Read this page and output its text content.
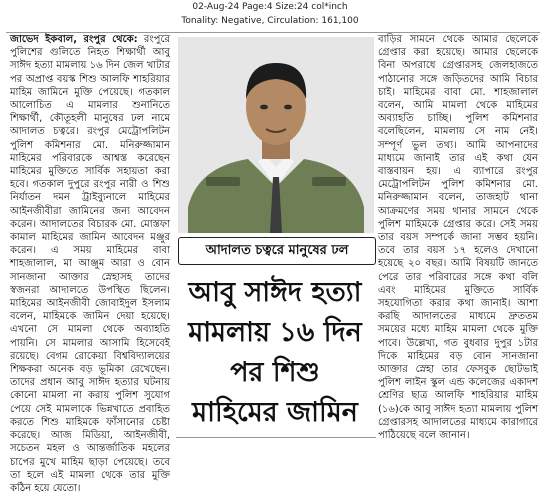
02-Aug-24 Page:4 Size:24 col*inch
Tonality: Negative, Circulation: 161,100

জাভেদ ইকবাল, রংপুর থেকে: রংপুরে পুলিশের গুলিতে নিহত শিক্ষার্থী আবু সাঈদ হত্যা মামলায় ১৬ দিন জেল খাটার পর অপ্রাপ্ত বয়স্ক শিশু আলফি শাহরিয়ার মাহিম জামিনে মুক্তি পেয়েছে। গতকাল আলোচিত এ মামলার শুনানিতে শিক্ষার্থী, কৌতূহলী মানুষের ঢল নামে আদালত চত্বরে। রংপুর মেট্রোপলিটন পুলিশ কমিশনার মো. মনিরুজ্জামান মাহিমের পরিবারকে আশ্বস্ত করেছেন মাহিমের মুক্তিতে সার্বিক সহায়তা করা হবে। গতকাল দুপুরে রংপুর নারী ও শিশু নির্যাতন দমন ট্রাইব্যুনালে মাহিমের আইনজীবীরা জামিনের জন্য আবেদন করেন। আদালতের বিচারক মো. মোস্তফা কামাল মাহিমের জামিন আবেদন মঞ্জুর করেন। এ সময় মাহিমের বাবা শাহজালাল, মা আঞ্জুম আরা ও বোন সানজানা আক্তার স্নেহাসহ তাদের স্বজনরা আদালতে উপস্থিত ছিলেন। মাহিমের আইনজীবী জোবাইদুল ইসলাম বলেন, মাহিমকে জামিন দেয়া হয়েছে। এখনো সে মামলা থেকে অব্যাহতি পায়নি। সে মামলার আসামি হিসেবেই রয়েছে। বেগম রোকেয়া বিশ্ববিদ্যালয়ের শিক্ষকরা অনেক বড় ভূমিকা রেখেছেন। তাদের প্রধান আবু সাঈদ হত্যার ঘটনায় কোনো মামলা না করায় পুলিশ সুযোগ পেয়ে সেই মামলাকে ভিন্নখাতে প্রবাহিত করতে শিশু মাহিমকে ফাঁসানোর চেষ্টা করেছে। আজ মিডিয়া, আইনজীবী, সচেতন মহল ও আন্তর্জাতিক মহলের চাপের মুখে মাহিম ছাড়া পেয়েছে। তবে তা হলে এই মামলা থেকে তার মুক্তি কঠিন হয়ে যেতো।

আদালত চত্বরে মানুষের ঢল
আবু সাঈদ হত্যা
মামলায় ১৬ দিন
পর শিশু
মাহিমের জামিন

বাড়ির সামনে থেকে আমার ছেলেকে গ্রেপ্তার করা হয়েছে। আমার ছেলেকে বিনা অপরাধে গ্রেপ্তারসহ জেলহাজতে পাঠানোর সঙ্গে জড়িতদের আমি বিচার চাই। মাহিমের বাবা মো. শাহজালাল বলেন, আমি মামলা থেকে মাহিমের অব্যাহতি চাচ্ছি। পুলিশ কমিশনার বলেছিলেন, মামলায় সে নাম নেই। সম্পূর্ণ ভুল তথ্য। আমি আপনাদের মাধ্যমে জানাই তার এই কথা যেন বাস্তবায়ন হয়। এ ব্যাপারে রংপুর মেট্রোপলিটন পুলিশ কমিশনার মো. মনিরুজ্জামান বলেন, তাজহাট থানা আক্রমণের সময় থানার সামনে থেকে পুলিশ মাহিমকে গ্রেপ্তার করে। সেই সময় তার বয়স সম্পর্কে জানা সম্ভব হয়নি। তবে তার বয়স ১৭ হলেও দেখানো হয়েছে ২০ বছর। আমি বিষয়টি জানতে পেরে তার পরিবারের সঙ্গে কথা বলি এবং মাহিমের মুক্তিতে সার্বিক সহযোগিতা করার কথা জানাই। আশা করছি আদালতের মাধ্যমে দ্রুততম সময়ের মধ্যে মাহিম মামলা থেকে মুক্তি পাবে। উল্লেখ্য, গত বুধবার দুপুর ১টার দিকে মাহিমের বড় বোন সানজানা আক্তার স্নেহা তার ফেসবুক ছোটভাই পুলিশ লাইন স্কুল এন্ড কলেজের একাদশ শ্রেণির ছাত্র আলফি শাহরিয়ার মাহিম (১৬)কে আবু সাঈদ হত্যা মামলায় পুলিশ গ্রেপ্তারসহ আদালতের মাধ্যমে কারাগারে পাঠিয়েছে বলে জানান।
